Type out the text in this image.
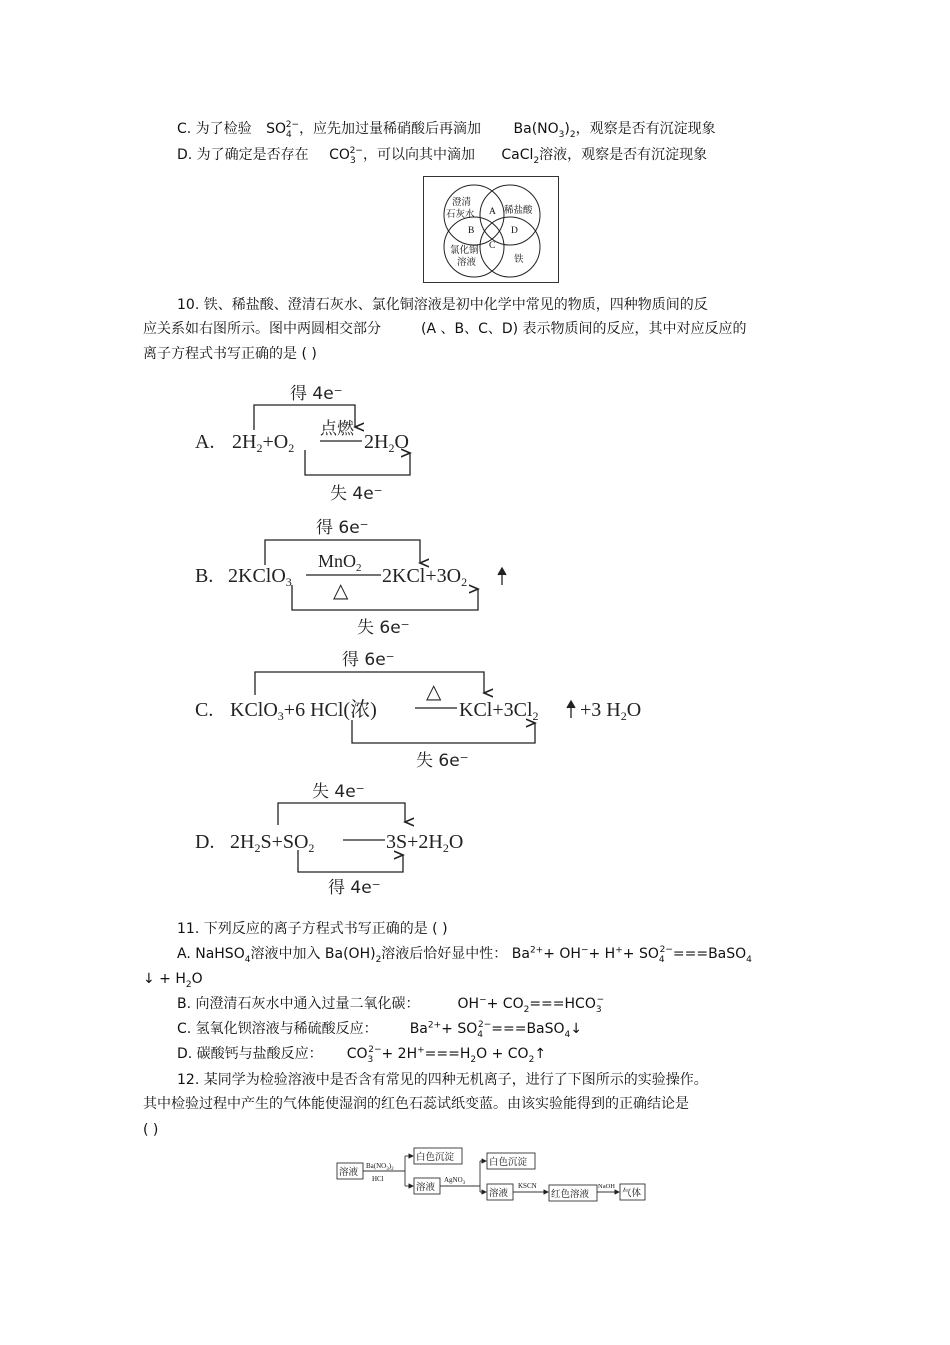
C. 为了检验 $SO_4^{2-}$，应先加过量稀硝酸后再滴加 $Ba(NO_3)_2$，观察是否有沉淀现象
D. 为了确定是否存在 $CO_3^{2-}$，可以向其中滴加 CaCl$_2$溶液，观察是否有沉淀现象
澄清
石灰水	稀盐酸
氯化铜
溶液	铁
A
B
C
D
10. 铁、稀盐酸、澄清石灰水、氯化铜溶液是初中化学中常见的物质，四种物质间的反
应关系如右图所示。图中两圆相交部分	(A 、B、C、D) 表示物质间的反应，其中对应反应的
离子方程式书写正确的是 ( )
得 4e⁻
点燃
失 4e⁻
A. $2H_2+O_2$	$2H_2O$
得 6e⁻
MnO$_2$
△
失 6e⁻
B. 2KClO$_3$	$2KCl+3O_2$
得 6e⁻
△
失 6e⁻
C. KClO$_3$+6 HCl(浓)	$KCl+3Cl_2 +3$ $H_2O$
失 4e⁻
D. $2H_2S+SO_2$	$3S+2H_2O$
得 4e⁻
11. 下列反应的离子方程式书写正确的是 ( )
A. NaHSO$_4$溶液中加入 $Ba(OH)_2$溶液后恰好显中性： $Ba^{2+}+ OH^-+ H^++$ $SO_4^{2-}===BaSO_4$
↓ + $H_2O$
B. 向澄清石灰水中通入过量二氧化碳：	$OH^-+ CO_2===HCO_3^-$
C. 氢氧化钡溶液与稀硫酸反应： $Ba^{2+}+$ $SO_4^{2-}===BaSO_4↓$
D. 碳酸钙与盐酸反应： $CO_3^{2-}+ 2H^+===H_2O$ + $CO_2↑$
12. 某同学为检验溶液中是否含有常见的四种无机离子，进行了下图所示的实验操作。
其中检验过程中产生的气体能使湿润的红色石蕊试纸变蓝。由该实验能得到的正确结论是
( )
溶液
$Ba(NO_3)_2$
HCl
白色沉淀
溶液
AgNO$_3$
白色沉淀
溶液
KSCN
红色溶液
NaOH
气体
